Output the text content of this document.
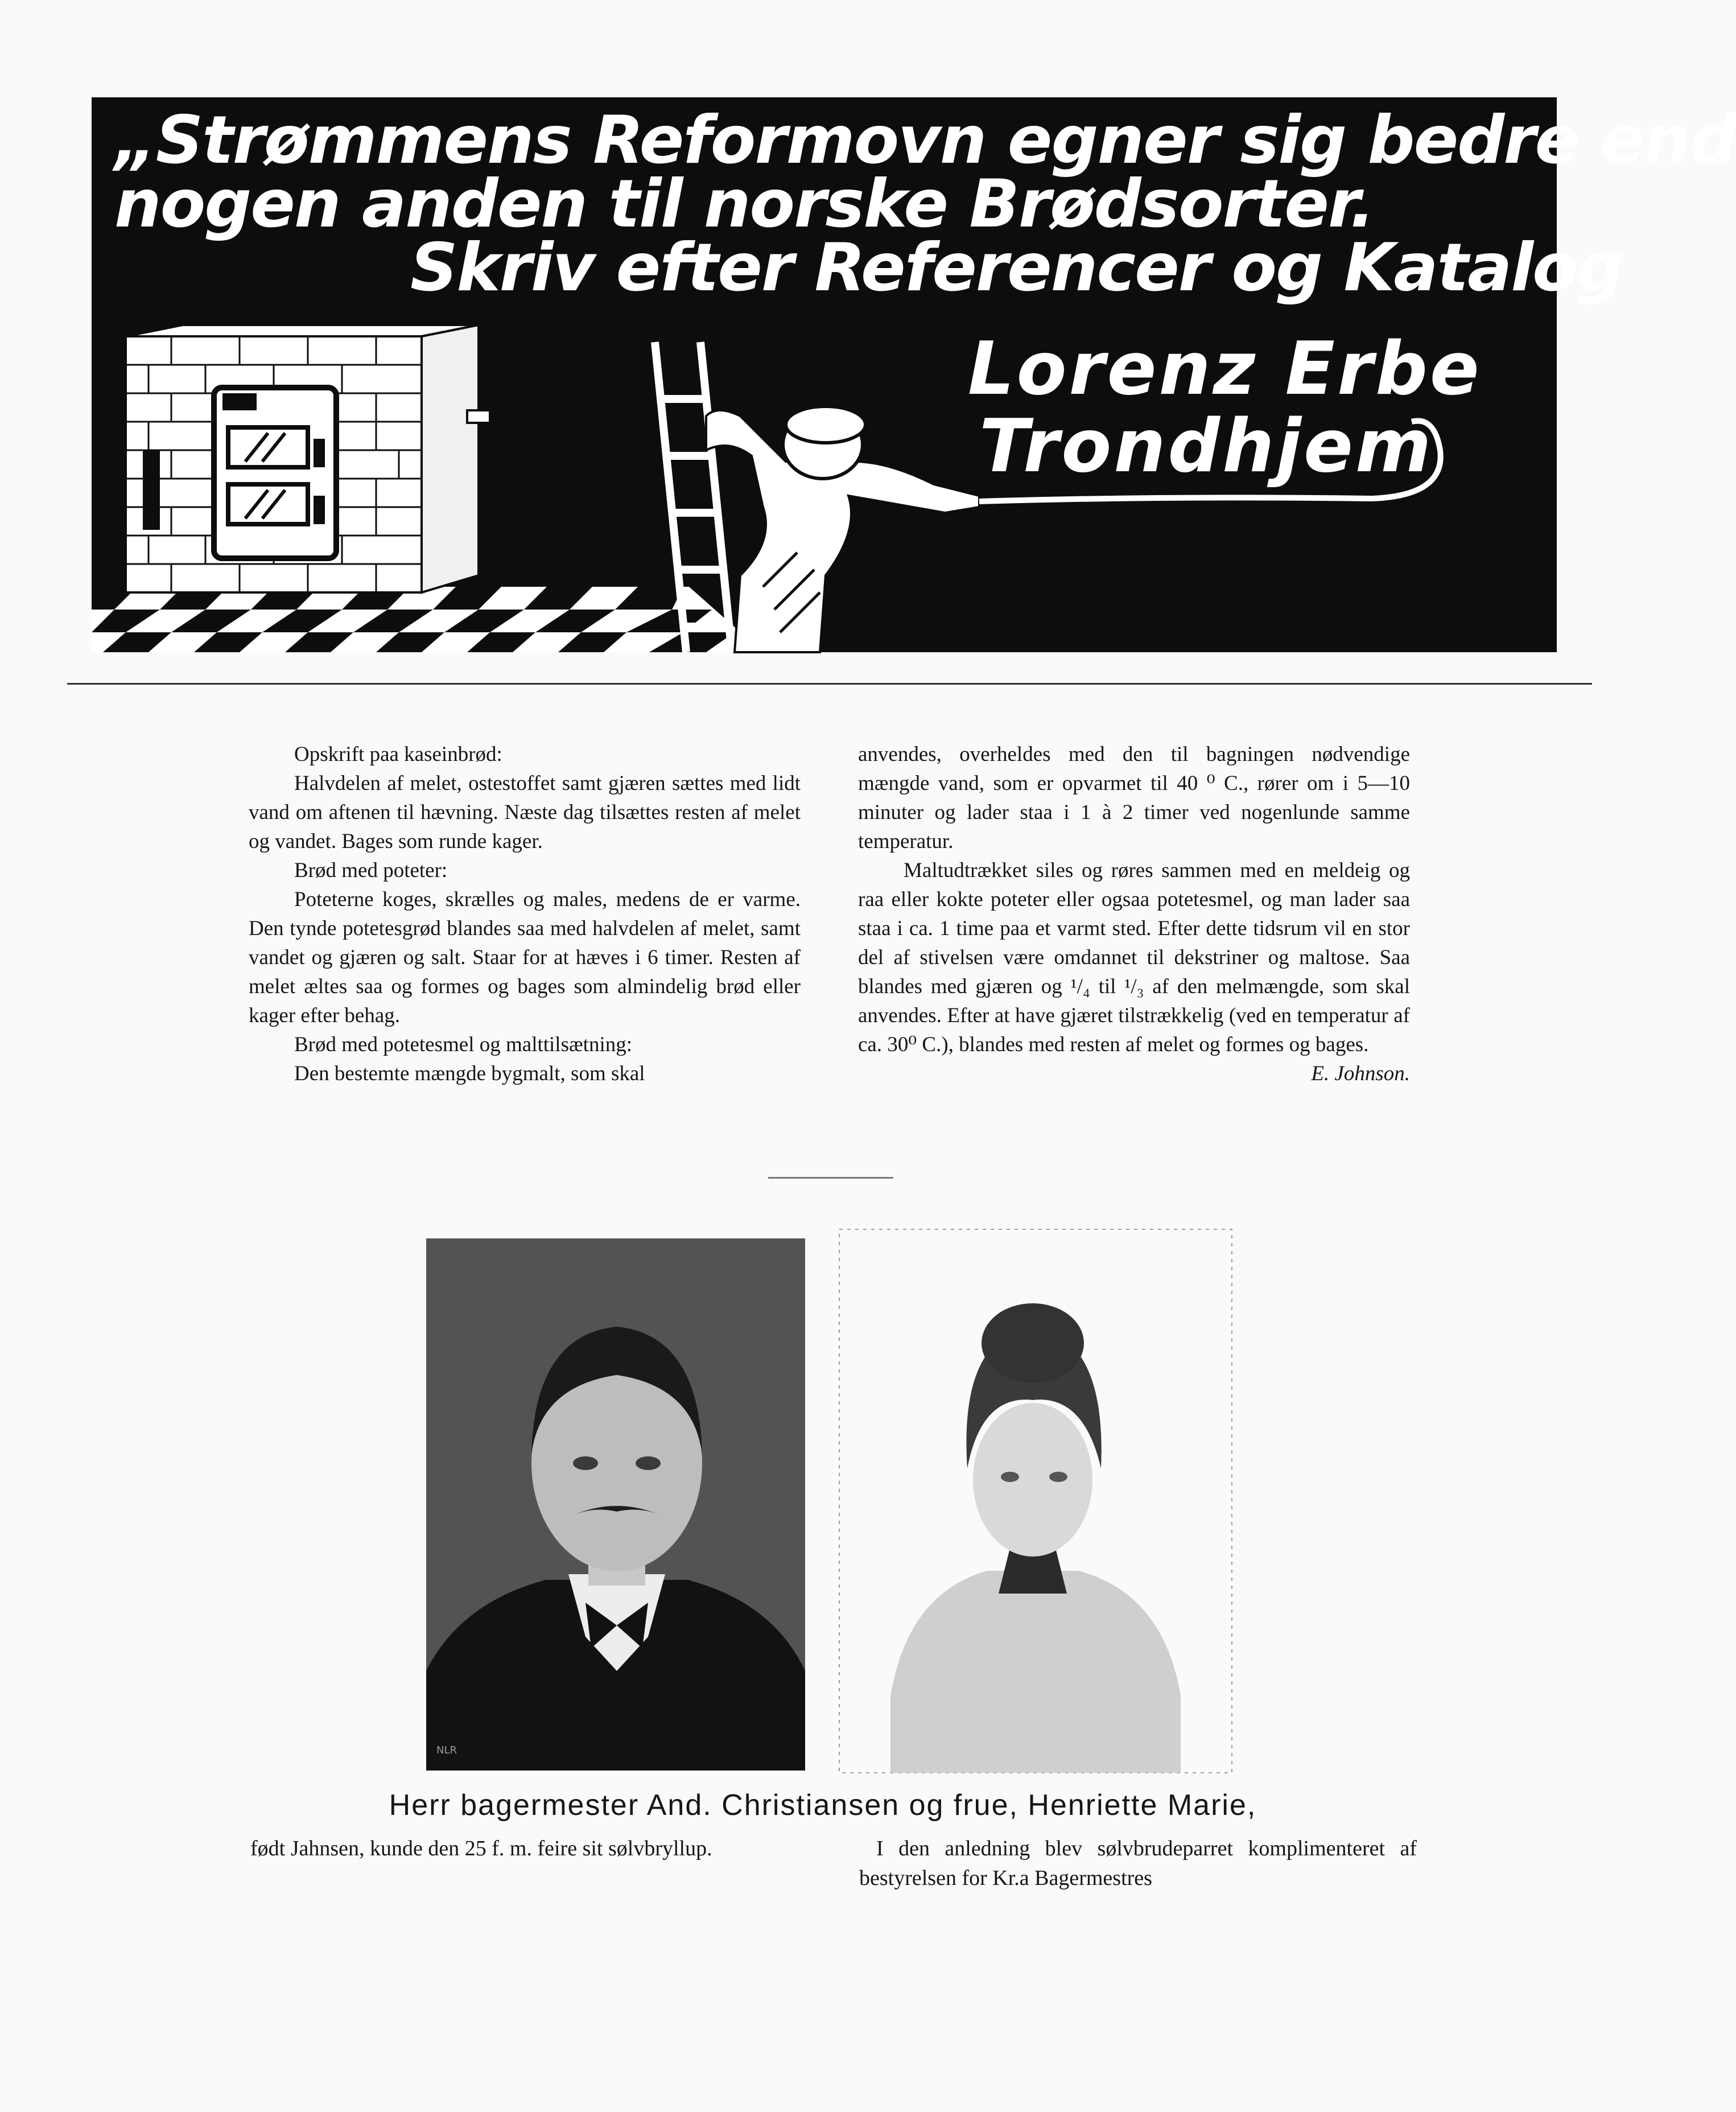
„Strømmens Reformovn egner sig bedre end
nogen anden til norske Brødsorter.
Skriv efter Referencer og Katalog

Lorenz Erbe
Trondhjem

Opskrift paa kaseinbrød:

Halvdelen af melet, ostestoffet samt gjæren sættes med lidt vand om aftenen til hævning. Næste dag tilsættes resten af melet og vandet. Bages som runde kager.

Brød med poteter:

Poteterne koges, skrælles og males, medens de er varme. Den tynde potetesgrød blandes saa med halvdelen af melet, samt vandet og gjæren og salt. Staar for at hæves i 6 timer. Resten af melet æltes saa og formes og bages som almindelig brød eller kager efter behag.

Brød med potetesmel og malttilsætning:

Den bestemte mængde bygmalt, som skal

anvendes, overheldes med den til bagningen nødvendige mængde vand, som er opvarmet til 40 ⁰ C., rører om i 5—10 minuter og lader staa i 1 à 2 timer ved nogenlunde samme temperatur.

Maltudtrækket siles og røres sammen med en meldeig og raa eller kokte poteter eller ogsaa potetesmel, og man lader saa staa i ca. 1 time paa et varmt sted. Efter dette tidsrum vil en stor del af stivelsen være omdannet til dekstriner og maltose. Saa blandes med gjæren og ¹/₄ til ¹/₃ af den melmængde, som skal anvendes. Efter at have gjæret tilstrækkelig (ved en temperatur af ca. 30⁰ C.), blandes med resten af melet og formes og bages.

E. Johnson.

NLR

Herr bagermester And. Christiansen og frue, Henriette Marie,

født Jahnsen, kunde den 25 f. m. feire sit sølvbryllup.	I den anledning blev sølvbrudeparret komplimenteret af bestyrelsen for Kr.a Bagermestres
